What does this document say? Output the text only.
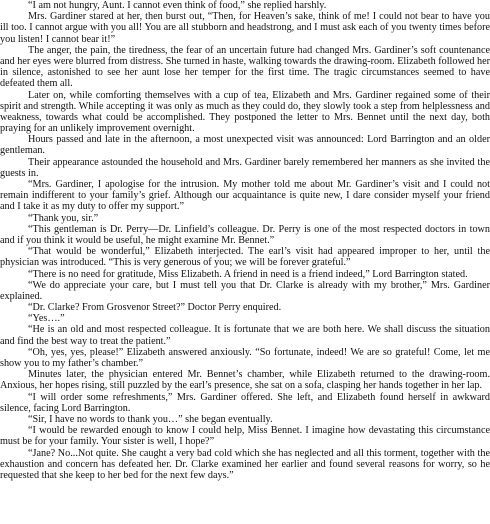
“I am not hungry, Aunt. I cannot even think of food,” she replied harshly.

Mrs. Gardiner stared at her, then burst out, “Then, for Heaven’s sake, think of me! I could not bear to have you ill too. I cannot argue with you all! You are all stubborn and headstrong, and I must ask each of you twenty times before you listen! I cannot bear it!”

The anger, the pain, the tiredness, the fear of an uncertain future had changed Mrs. Gardiner’s soft countenance and her eyes were blurred from distress. She turned in haste, walking towards the drawing-room. Elizabeth followed her in silence, astonished to see her aunt lose her temper for the first time. The tragic circumstances seemed to have defeated them all.

Later on, while comforting themselves with a cup of tea, Elizabeth and Mrs. Gardiner regained some of their spirit and strength. While accepting it was only as much as they could do, they slowly took a step from helplessness and weakness, towards what could be accomplished. They postponed the letter to Mrs. Bennet until the next day, both praying for an unlikely improvement overnight.

Hours passed and late in the afternoon, a most unexpected visit was announced: Lord Barrington and an older gentleman.

Their appearance astounded the household and Mrs. Gardiner barely remembered her manners as she invited the guests in.

“Mrs. Gardiner, I apologise for the intrusion. My mother told me about Mr. Gardiner’s visit and I could not remain indifferent to your family’s grief. Although our acquaintance is quite new, I dare consider myself your friend and I take it as my duty to offer my support.”

“Thank you, sir.”

“This gentleman is Dr. Perry—Dr. Linfield’s colleague. Dr. Perry is one of the most respected doctors in town and if you think it would be useful, he might examine Mr. Bennet.”

“That would be wonderful,” Elizabeth interjected. The earl’s visit had appeared improper to her, until the physician was introduced. “This is very generous of you; we will be forever grateful.”

“There is no need for gratitude, Miss Elizabeth. A friend in need is a friend indeed,” Lord Barrington stated.

“We do appreciate your care, but I must tell you that Dr. Clarke is already with my brother,” Mrs. Gardiner explained.

“Dr. Clarke? From Grosvenor Street?” Doctor Perry enquired.

“Yes….”

“He is an old and most respected colleague. It is fortunate that we are both here. We shall discuss the situation and find the best way to treat the patient.”

“Oh, yes, yes, please!” Elizabeth answered anxiously. “So fortunate, indeed! We are so grateful! Come, let me show you to my father’s chamber.”

Minutes later, the physician entered Mr. Bennet’s chamber, while Elizabeth returned to the drawing-room. Anxious, her hopes rising, still puzzled by the earl’s presence, she sat on a sofa, clasping her hands together in her lap.

“I will order some refreshments,” Mrs. Gardiner offered. She left, and Elizabeth found herself in awkward silence, facing Lord Barrington.

“Sir, I have no words to thank you…” she began eventually.

“I would be rewarded enough to know I could help, Miss Bennet. I imagine how devastating this circumstance must be for your family. Your sister is well, I hope?”

“Jane? No...Not quite. She caught a very bad cold which she has neglected and all this torment, together with the exhaustion and concern has defeated her. Dr. Clarke examined her earlier and found several reasons for worry, so he requested that she keep to her bed for the next few days.”
